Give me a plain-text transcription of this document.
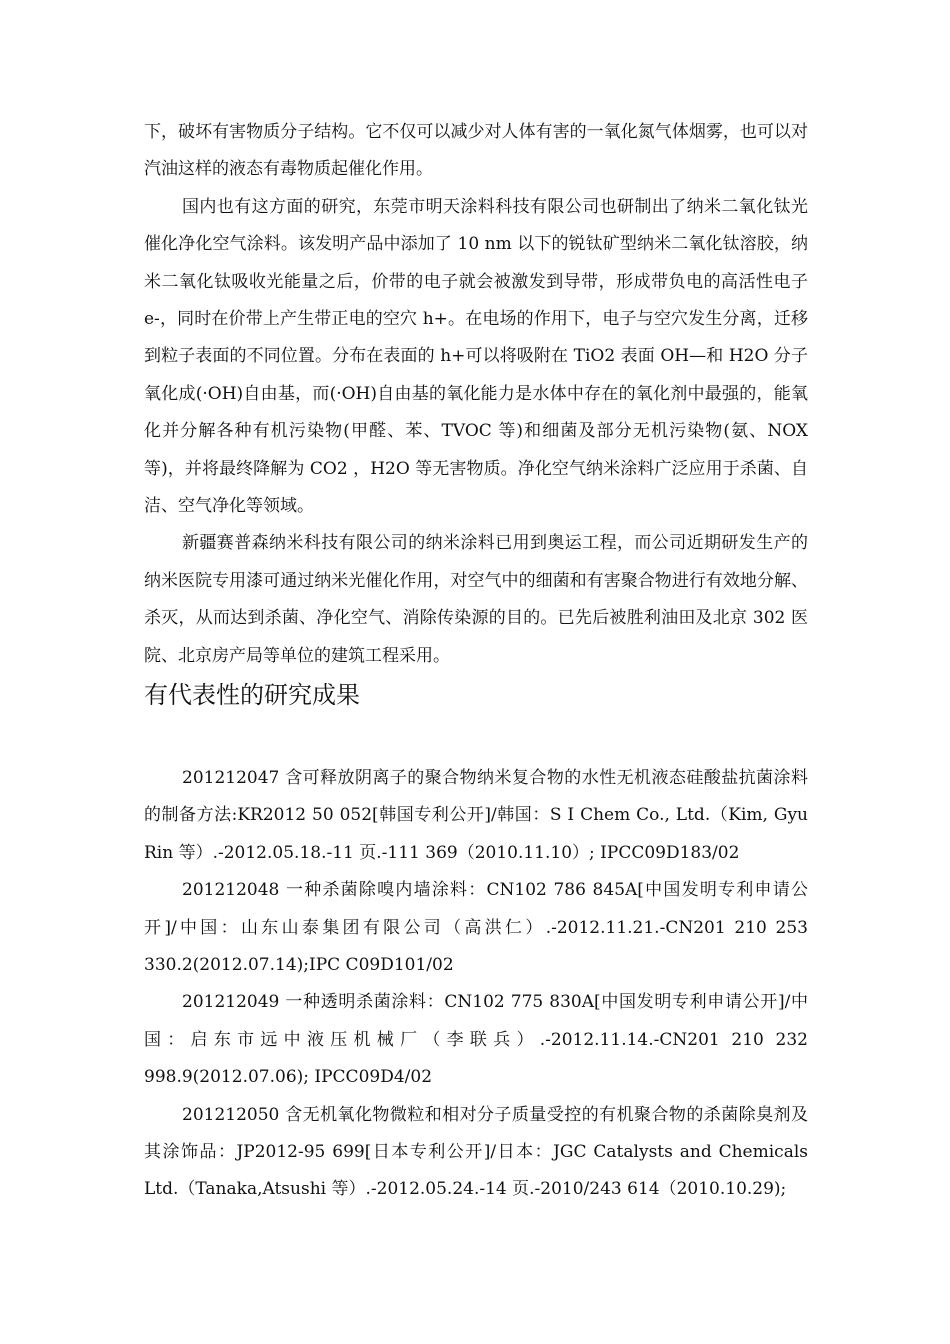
下，破坏有害物质分子结构。它不仅可以减少对人体有害的一氧化氮气体烟雾，也可以对汽油这样的液态有毒物质起催化作用。

国内也有这方面的研究，东莞市明天涂料科技有限公司也研制出了纳米二氧化钛光催化净化空气涂料。该发明产品中添加了 10 nm 以下的锐钛矿型纳米二氧化钛溶胶，纳米二氧化钛吸收光能量之后，价带的电子就会被激发到导带，形成带负电的高活性电子 e-，同时在价带上产生带正电的空穴 h+。在电场的作用下，电子与空穴发生分离，迁移到粒子表面的不同位置。分布在表面的 h+可以将吸附在 TiO2 表面 OH—和 H2O 分子氧化成(·OH)自由基，而(·OH)自由基的氧化能力是水体中存在的氧化剂中最强的，能氧化并分解各种有机污染物(甲醛、苯、TVOC 等)和细菌及部分无机污染物(氨、NOX 等)，并将最终降解为 CO2 ，H2O 等无害物质。净化空气纳米涂料广泛应用于杀菌、自洁、空气净化等领域。

新疆赛普森纳米科技有限公司的纳米涂料已用到奥运工程，而公司近期研发生产的纳米医院专用漆可通过纳米光催化作用，对空气中的细菌和有害聚合物进行有效地分解、杀灭，从而达到杀菌、净化空气、消除传染源的目的。已先后被胜利油田及北京 302 医院、北京房产局等单位的建筑工程采用。

有代表性的研究成果

201212047 含可释放阴离子的聚合物纳米复合物的水性无机液态硅酸盐抗菌涂料的制备方法:KR2012 50 052[韩国专利公开]/韩国：S I Chem Co., Ltd.（Kim, Gyu Rin 等）.-2012.05.18.-11 页.-111 369（2010.11.10）; IPCC09D183/02

201212048 一种杀菌除嗅内墙涂料：CN102 786 845A[中国发明专利申请公开]/中国：山东山泰集团有限公司（高洪仁）.-2012.11.21.-CN201 210 253 330.2(2012.07.14);IPC C09D101/02

201212049 一种透明杀菌涂料：CN102 775 830A[中国发明专利申请公开]/中国：启东市远中液压机械厂（李联兵）.-2012.11.14.-CN201 210 232 998.9(2012.07.06); IPCC09D4/02

201212050 含无机氧化物微粒和相对分子质量受控的有机聚合物的杀菌除臭剂及其涂饰品：JP2012-95 699[日本专利公开]/日本：JGC Catalysts and Chemicals Ltd.（Tanaka,Atsushi 等）.-2012.05.24.-14 页.-2010/243 614（2010.10.29);
